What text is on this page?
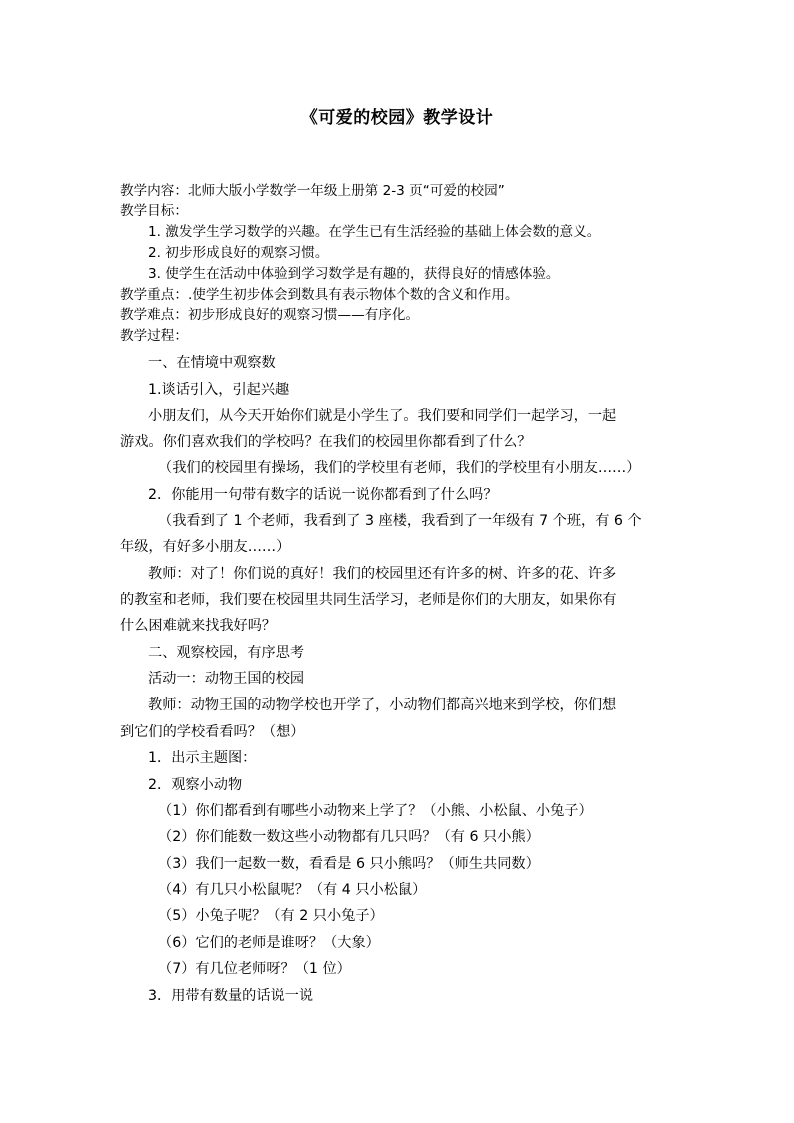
《可爱的校园》教学设计
教学内容：北师大版小学数学一年级上册第 2-3 页“可爱的校园”
教学目标：
1. 激发学生学习数学的兴趣。在学生已有生活经验的基础上体会数的意义。
2. 初步形成良好的观察习惯。
3. 使学生在活动中体验到学习数学是有趣的，获得良好的情感体验。
教学重点：.使学生初步体会到数具有表示物体个数的含义和作用。
教学难点：初步形成良好的观察习惯——有序化。
教学过程：
一、在情境中观察数
1.谈话引入，引起兴趣
小朋友们，从今天开始你们就是小学生了。我们要和同学们一起学习，一起
游戏。你们喜欢我们的学校吗？在我们的校园里你都看到了什么？
（我们的校园里有操场，我们的学校里有老师，我们的学校里有小朋友……）
2．你能用一句带有数字的话说一说你都看到了什么吗？
（我看到了 1 个老师，我看到了 3 座楼，我看到了一年级有 7 个班，有 6 个
年级，有好多小朋友……）
教师：对了！你们说的真好！我们的校园里还有许多的树、许多的花、许多
的教室和老师，我们要在校园里共同生活学习，老师是你们的大朋友，如果你有
什么困难就来找我好吗？
二、观察校园，有序思考
活动一：动物王国的校园
教师：动物王国的动物学校也开学了，小动物们都高兴地来到学校，你们想
到它们的学校看看吗？（想）
1．出示主题图：
2．观察小动物
（1）你们都看到有哪些小动物来上学了？（小熊、小松鼠、小兔子）
（2）你们能数一数这些小动物都有几只吗？（有 6 只小熊）
（3）我们一起数一数，看看是 6 只小熊吗？（师生共同数）
（4）有几只小松鼠呢？（有 4 只小松鼠）
（5）小兔子呢？（有 2 只小兔子）
（6）它们的老师是谁呀？（大象）
（7）有几位老师呀？（1 位）
3．用带有数量的话说一说
